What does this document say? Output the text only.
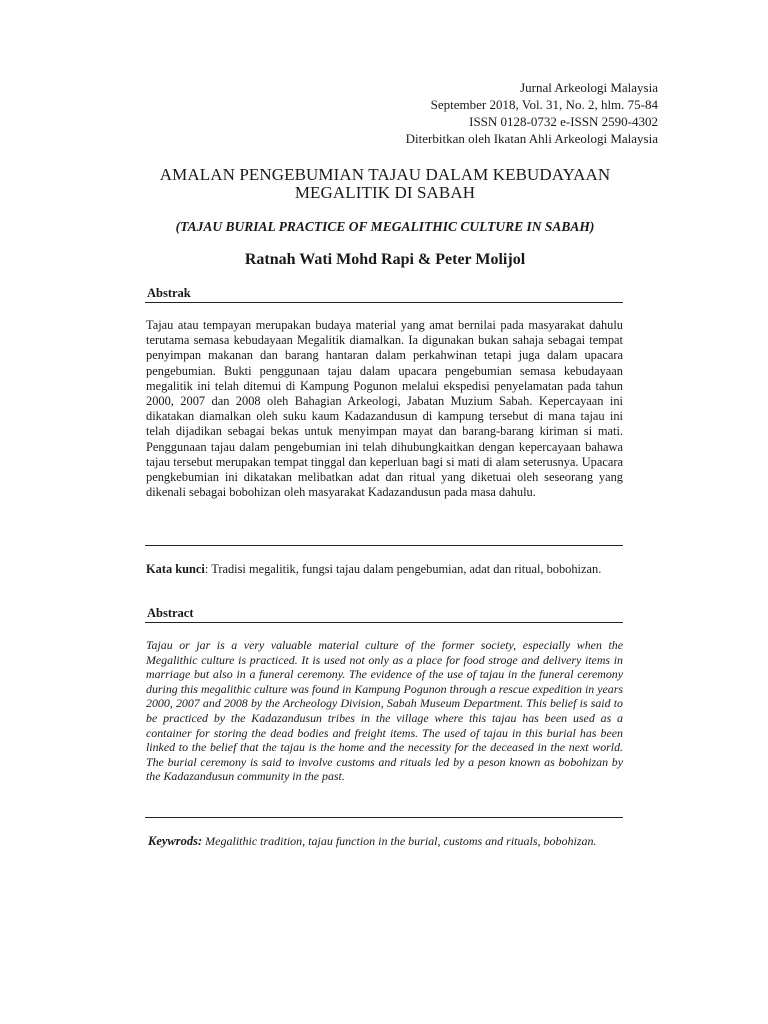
Jurnal Arkeologi Malaysia
September 2018, Vol. 31, No. 2, hlm. 75-84
ISSN 0128-0732 e-ISSN 2590-4302
Diterbitkan oleh Ikatan Ahli Arkeologi Malaysia
AMALAN PENGEBUMIAN TAJAU DALAM KEBUDAYAAN
MEGALITIK DI SABAH
(TAJAU BURIAL PRACTICE OF MEGALITHIC CULTURE IN SABAH)
Ratnah Wati Mohd Rapi & Peter Molijol
Abstrak
Tajau atau tempayan merupakan budaya material yang amat bernilai pada masyarakat dahulu terutama semasa kebudayaan Megalitik diamalkan. Ia digunakan bukan sahaja sebagai tempat penyimpan makanan dan barang hantaran dalam perkahwinan tetapi juga dalam upacara pengebumian. Bukti penggunaan tajau dalam upacara pengebumian semasa kebudayaan megalitik ini telah ditemui di Kampung Pogunon melalui ekspedisi penyelamatan pada tahun 2000, 2007 dan 2008 oleh Bahagian Arkeologi, Jabatan Muzium Sabah. Kepercayaan ini dikatakan diamalkan oleh suku kaum Kadazandusun di kampung tersebut di mana tajau ini telah dijadikan sebagai bekas untuk menyimpan mayat dan barang-barang kiriman si mati. Penggunaan tajau dalam pengebumian ini telah dihubungkaitkan dengan kepercayaan bahawa tajau tersebut merupakan tempat tinggal dan keperluan bagi si mati di alam seterusnya. Upacara pengkebumian ini dikatakan melibatkan adat dan ritual yang diketuai oleh seseorang yang dikenali sebagai bobohizan oleh masyarakat Kadazandusun pada masa dahulu.
Kata kunci: Tradisi megalitik, fungsi tajau dalam pengebumian, adat dan ritual, bobohizan.
Abstract
Tajau or jar is a very valuable material culture of the former society, especially when the Megalithic culture is practiced. It is used not only as a place for food stroge and delivery items in marriage but also in a funeral ceremony. The evidence of the use of tajau in the funeral ceremony during this megalithic culture was found in Kampung Pogunon through a rescue expedition in years 2000, 2007 and 2008 by the Archeology Division, Sabah Museum Department. This belief is said to be practiced by the Kadazandusun tribes in the village where this tajau has been used as a container for storing the dead bodies and freight items. The used of tajau in this burial has been linked to the belief that the tajau is the home and the necessity for the deceased in the next world. The burial ceremony is said to involve customs and rituals led by a peson known as bobohizan by the Kadazandusun community in the past.
Keywrods: Megalithic tradition, tajau function in the burial, customs and rituals, bobohizan.
